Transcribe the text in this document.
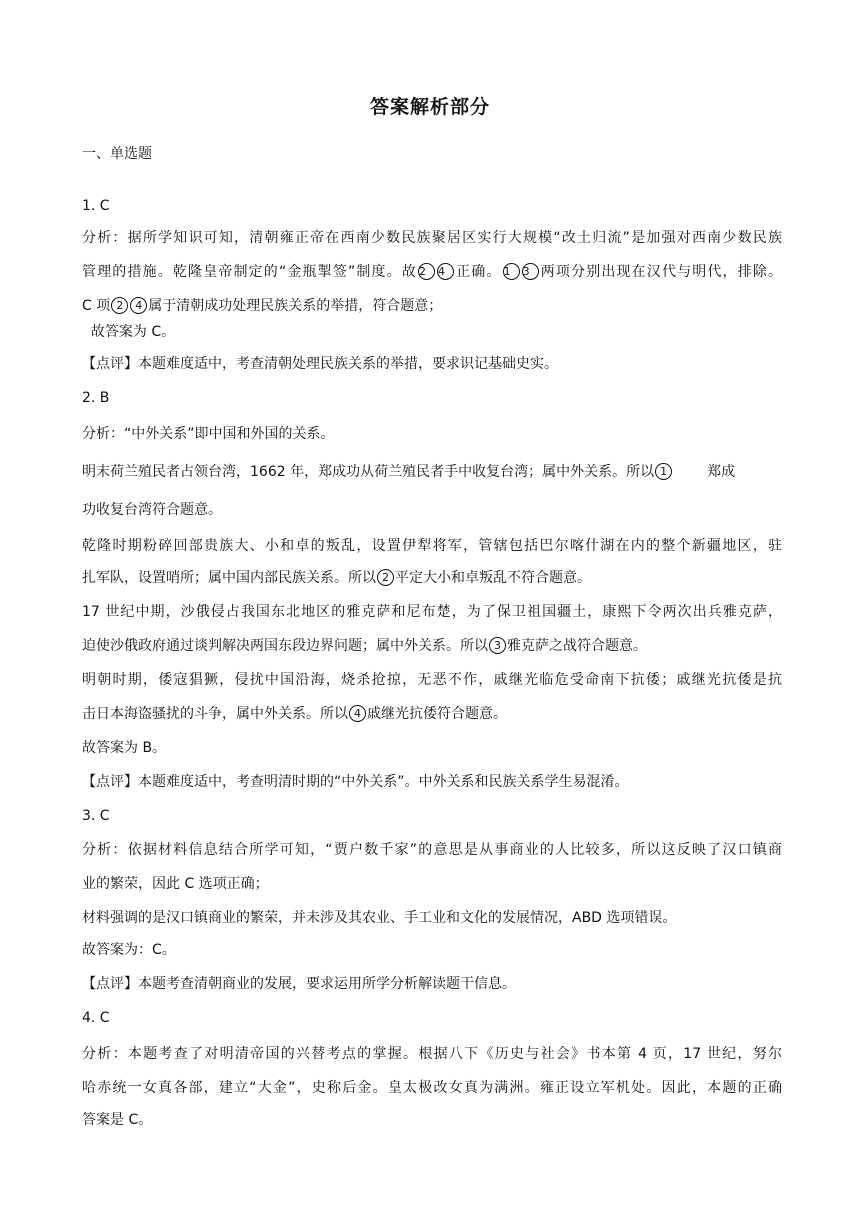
答案解析部分
一、单选题
1. C
分析：据所学知识可知，清朝雍正帝在西南少数民族聚居区实行大规模“改土归流”是加强对西南少数民族
管理的措施。乾隆皇帝制定的“金瓶掣签”制度。故 2 4 正确。 1 3 两项分别出现在汉代与明代，排除。
C 项 2 4 属于清朝成功处理民族关系的举措，符合题意；
故答案为 C。
【点评】本题难度适中，考查清朝处理民族关系的举措，要求识记基础史实。
2. B
分析：“中外关系”即中国和外国的关系。
明末荷兰殖民者占领台湾，1662 年，郑成功从荷兰殖民者手中收复台湾；属中外关系。所以 1	郑成
功收复台湾符合题意。
乾隆时期粉碎回部贵族大、小和卓的叛乱，设置伊犁将军，管辖包括巴尔喀什湖在内的整个新疆地区，驻
扎军队，设置哨所；属中国内部民族关系。所以 2 平定大小和卓叛乱不符合题意。
17 世纪中期，沙俄侵占我国东北地区的雅克萨和尼布楚，为了保卫祖国疆土，康熙下令两次出兵雅克萨，
迫使沙俄政府通过谈判解决两国东段边界问题；属中外关系。所以 3 雅克萨之战符合题意。
明朝时期，倭寇猖獗，侵扰中国沿海，烧杀抢掠，无恶不作，戚继光临危受命南下抗倭；戚继光抗倭是抗
击日本海盗骚扰的斗争，属中外关系。所以 4 戚继光抗倭符合题意。
故答案为 B。
【点评】本题难度适中，考查明清时期的“中外关系”。中外关系和民族关系学生易混淆。
3. C
分析：依据材料信息结合所学可知，“贾户数千家”的意思是从事商业的人比较多，所以这反映了汉口镇商
业的繁荣，因此 C 选项正确；
材料强调的是汉口镇商业的繁荣，并未涉及其农业、手工业和文化的发展情况，ABD 选项错误。
故答案为：C。
【点评】本题考查清朝商业的发展，要求运用所学分析解读题干信息。
4. C
分析：本题考查了对明清帝国的兴替考点的掌握。根据八下《历史与社会》书本第 4 页，17 世纪，努尔
哈赤统一女真各部，建立“大金”，史称后金。皇太极改女真为满洲。雍正设立军机处。因此，本题的正确
答案是 C。
